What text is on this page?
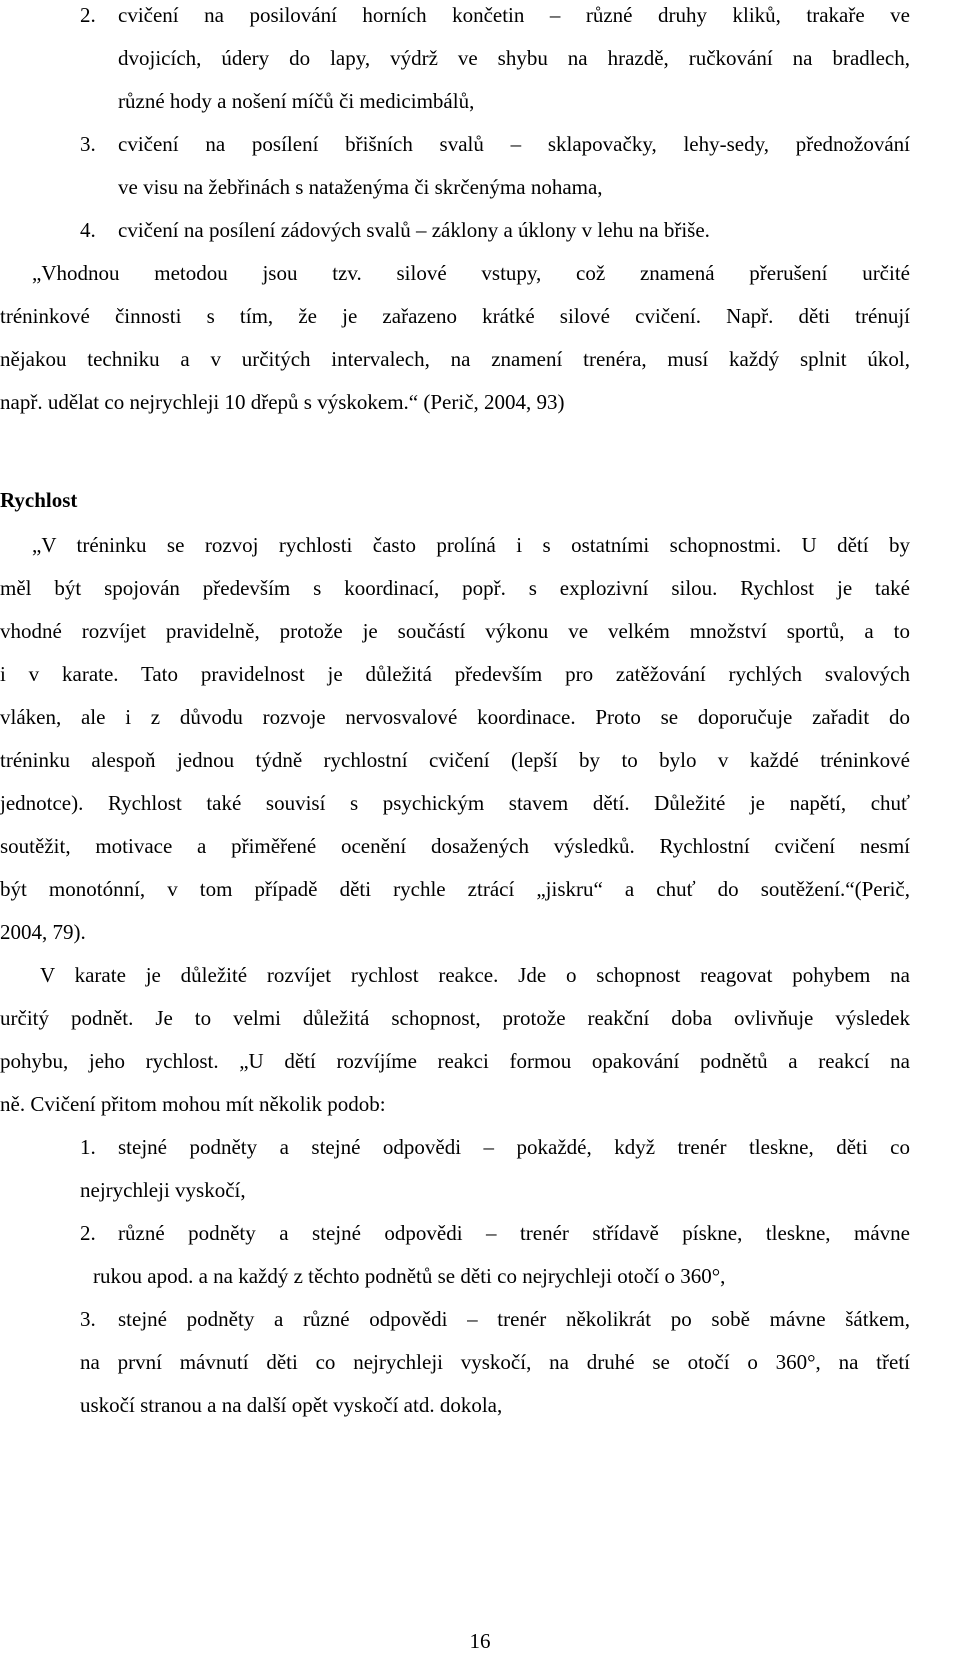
2. cvičení na posilování horních končetin – různé druhy kliků, trakaře ve
dvojicích, údery do lapy, výdrž ve shybu na hrazdě, ručkování na bradlech,
různé hody a nošení míčů či medicimbálů,
3. cvičení na posílení břišních svalů – sklapovačky, lehy-sedy, přednožování
ve visu na žebřinách s nataženýma či skrčenýma nohama,
4. cvičení na posílení zádových svalů – záklony a úklony v lehu na břiše.
„Vhodnou metodou jsou tzv. silové vstupy, což znamená přerušení určité
tréninkové činnosti s tím, že je zařazeno krátké silové cvičení. Např. děti trénují
nějakou techniku a v určitých intervalech, na znamení trenéra, musí každý splnit úkol,
např. udělat co nejrychleji 10 dřepů s výskokem.“ (Perič, 2004, 93)
Rychlost
„V tréninku se rozvoj rychlosti často prolíná i s ostatními schopnostmi. U dětí by
měl být spojován především s koordinací, popř. s explozivní silou. Rychlost je také
vhodné rozvíjet pravidelně, protože je součástí výkonu ve velkém množství sportů, a to
i v karate. Tato pravidelnost je důležitá především pro zatěžování rychlých svalových
vláken, ale i z důvodu rozvoje nervosvalové koordinace. Proto se doporučuje zařadit do
tréninku alespoň jednou týdně rychlostní cvičení (lepší by to bylo v každé tréninkové
jednotce). Rychlost také souvisí s psychickým stavem dětí. Důležité je napětí, chuť
soutěžit, motivace a přiměřené ocenění dosažených výsledků. Rychlostní cvičení nesmí
být monotónní, v tom případě děti rychle ztrácí „jiskru“ a chuť do soutěžení.“(Perič,
2004, 79).
V karate je důležité rozvíjet rychlost reakce. Jde o schopnost reagovat pohybem na
určitý podnět. Je to velmi důležitá schopnost, protože reakční doba ovlivňuje výsledek
pohybu, jeho rychlost. „U dětí rozvíjíme reakci formou opakování podnětů a reakcí na
ně. Cvičení přitom mohou mít několik podob:
1. stejné podněty a stejné odpovědi – pokaždé, když trenér tleskne, děti co
nejrychleji vyskočí,
2. různé podněty a stejné odpovědi – trenér střídavě pískne, tleskne, mávne
rukou apod. a na každý z těchto podnětů se děti co nejrychleji otočí o 360°,
3. stejné podněty a různé odpovědi – trenér několikrát po sobě mávne šátkem,
na první mávnutí děti co nejrychleji vyskočí, na druhé se otočí o 360°, na třetí
uskočí stranou a na další opět vyskočí atd. dokola,
16
